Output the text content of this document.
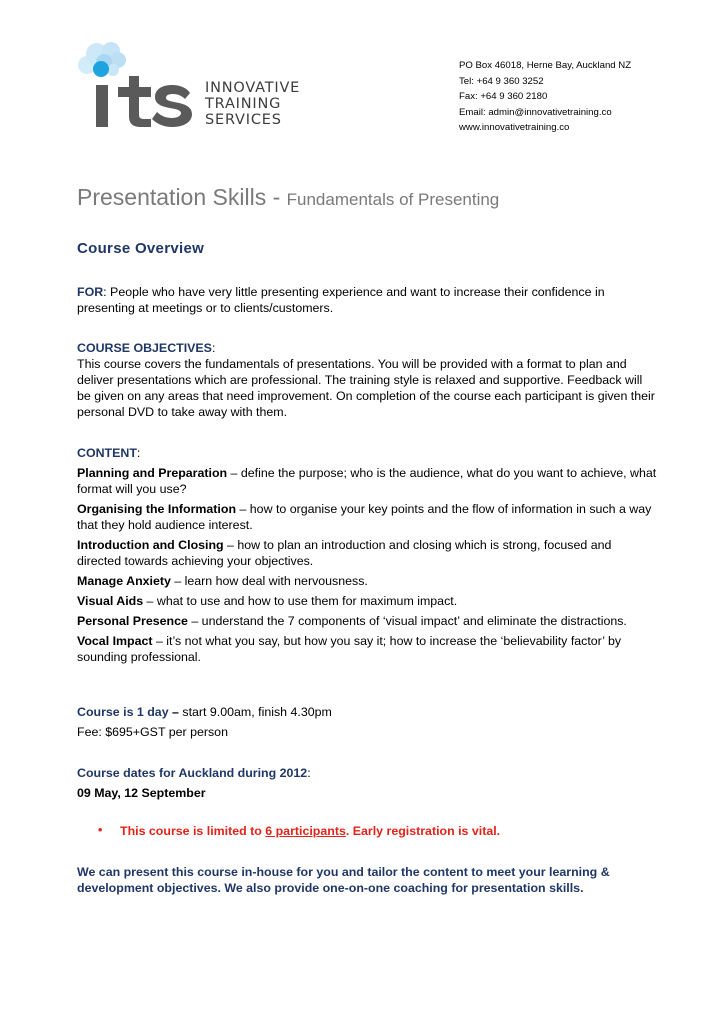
INNOVATIVE
TRAINING
SERVICES
PO Box 46018, Herne Bay, Auckland NZ
Tel: +64 9 360 3252
Fax: +64 9 360 2180
Email: admin@innovativetraining.co
www.innovativetraining.co
Presentation Skills - Fundamentals of Presenting
Course Overview
FOR: People who have very little presenting experience and want to increase their confidence in presenting at meetings or to clients/customers.
COURSE OBJECTIVES:
This course covers the fundamentals of presentations. You will be provided with a format to plan and deliver presentations which are professional. The training style is relaxed and supportive. Feedback will be given on any areas that need improvement. On completion of the course each participant is given their personal DVD to take away with them.
CONTENT:
Planning and Preparation – define the purpose; who is the audience, what do you want to achieve, what format will you use?
Organising the Information – how to organise your key points and the flow of information in such a way that they hold audience interest.
Introduction and Closing – how to plan an introduction and closing which is strong, focused and directed towards achieving your objectives.
Manage Anxiety – learn how deal with nervousness.
Visual Aids – what to use and how to use them for maximum impact.
Personal Presence – understand the 7 components of ‘visual impact’ and eliminate the distractions.
Vocal Impact – it’s not what you say, but how you say it; how to increase the ‘believability factor’ by sounding professional.
Course is 1 day – start 9.00am, finish 4.30pm
Fee: $695+GST per person
Course dates for Auckland during 2012:
09 May, 12 September
• This course is limited to 6 participants. Early registration is vital.
We can present this course in-house for you and tailor the content to meet your learning & development objectives. We also provide one-on-one coaching for presentation skills.
